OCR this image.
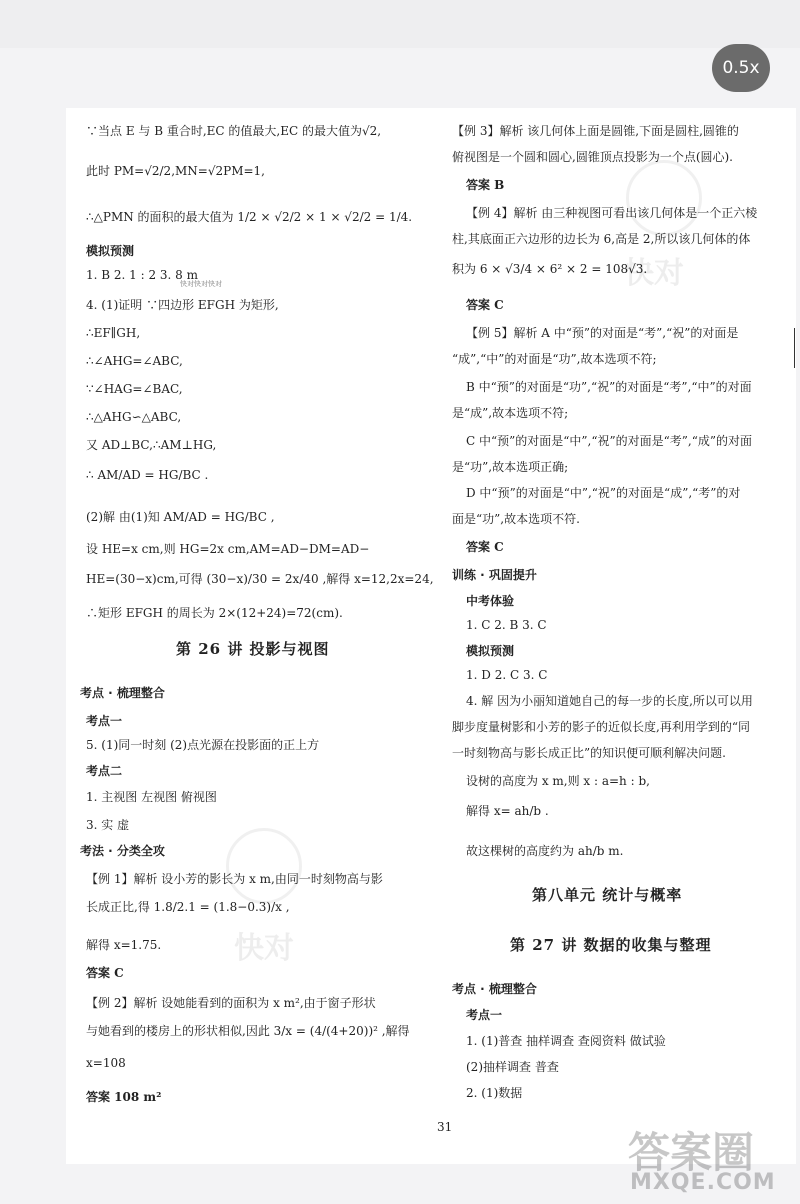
0.5x
快对
快对
快对快对快对
∵当点 E 与 B 重合时,EC 的值最大,EC 的最大值为√2,
此时 PM=√2/2,MN=√2PM=1,
∴△PMN 的面积的最大值为 1/2 × √2/2 × 1 × √2/2 = 1/4.
模拟预测
1. B 2. 1 : 2 3. 8 m
4. (1)证明 ∵四边形 EFGH 为矩形,
∴EF∥GH,
∴∠AHG=∠ABC,
∵∠HAG=∠BAC,
∴△AHG∽△ABC,
又 AD⊥BC,∴AM⊥HG,
∴ AM/AD = HG/BC .
(2)解 由(1)知 AM/AD = HG/BC ,
设 HE=x cm,则 HG=2x cm,AM=AD−DM=AD−
HE=(30−x)cm,可得 (30−x)/30 = 2x/40 ,解得 x=12,2x=24,
∴矩形 EFGH 的周长为 2×(12+24)=72(cm).
第 26 讲 投影与视图
考点 · 梳理整合
考点一
5. (1)同一时刻 (2)点光源在投影面的正上方
考点二
1. 主视图 左视图 俯视图
3. 实 虚
考法 · 分类全攻
【例 1】解析 设小芳的影长为 x m,由同一时刻物高与影
长成正比,得 1.8/2.1 = (1.8−0.3)/x ,
解得 x=1.75.
答案 C
【例 2】解析 设她能看到的面积为 x m²,由于窗子形状
与她看到的楼房上的形状相似,因此 3/x = (4/(4+20))² ,解得
x=108
答案 108 m²
【例 3】解析 该几何体上面是圆锥,下面是圆柱,圆锥的
俯视图是一个圆和圆心,圆锥顶点投影为一个点(圆心).
答案 B
【例 4】解析 由三种视图可看出该几何体是一个正六棱
柱,其底面正六边形的边长为 6,高是 2,所以该几何体的体
积为 6 × √3/4 × 6² × 2 = 108√3.
答案 C
【例 5】解析 A 中“预”的对面是“考”,“祝”的对面是
“成”,“中”的对面是“功”,故本选项不符;
B 中“预”的对面是“功”,“祝”的对面是“考”,“中”的对面
是“成”,故本选项不符;
C 中“预”的对面是“中”,“祝”的对面是“考”,“成”的对面
是“功”,故本选项正确;
D 中“预”的对面是“中”,“祝”的对面是“成”,“考”的对
面是“功”,故本选项不符.
答案 C
训练 · 巩固提升
中考体验
1. C 2. B 3. C
模拟预测
1. D 2. C 3. C
4. 解 因为小丽知道她自己的每一步的长度,所以可以用
脚步度量树影和小芳的影子的近似长度,再利用学到的“同
一时刻物高与影长成正比”的知识便可顺利解决问题.
设树的高度为 x m,则 x : a=h : b,
解得 x= ah/b .
故这棵树的高度约为 ah/b m.
第八单元 统计与概率
第 27 讲 数据的收集与整理
考点 · 梳理整合
考点一
1. (1)普查 抽样调查 查阅资料 做试验
(2)抽样调查 普查
2. (1)数据
31
答案圈
MXQE.COM
